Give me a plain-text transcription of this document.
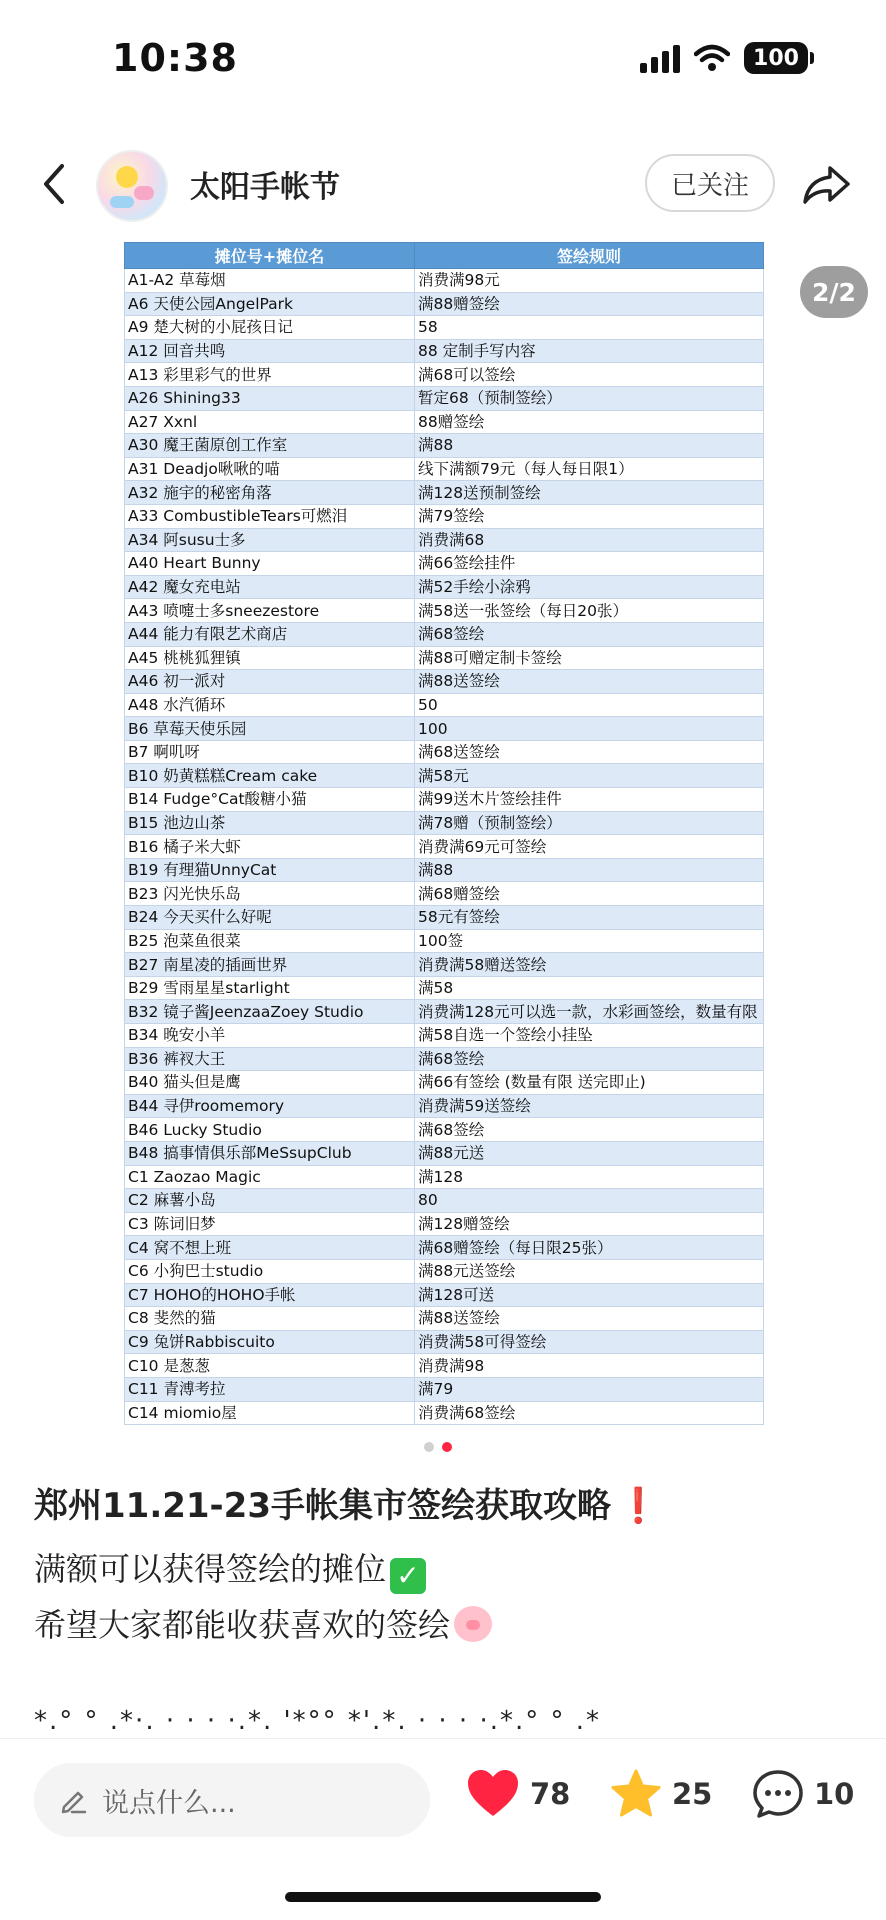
10:38	100
太阳手帐节	已关注
摊位号+摊位名	签绘规则
A1-A2 草莓烟	消费满98元
A6 天使公园AngelPark	满88赠签绘
A9 楚大树的小屁孩日记	58
A12 回音共鸣	88 定制手写内容
A13 彩里彩气的世界	满68可以签绘
A26 Shining33	暂定68（预制签绘）
A27 Xxnl	88赠签绘
A30 魔王菌原创工作室	满88
A31 Deadjo啾啾的喵	线下满额79元（每人每日限1）
A32 施宇的秘密角落	满128送预制签绘
A33 CombustibleTears可燃泪	满79签绘
A34 阿susu士多	消费满68
A40 Heart Bunny	满66签绘挂件
A42 魔女充电站	满52手绘小涂鸦
A43 喷嚏士多sneezestore	满58送一张签绘（每日20张）
A44 能力有限艺术商店	满68签绘
A45 桃桃狐狸镇	满88可赠定制卡签绘
A46 初一派对	满88送签绘
A48 水汽循环	50
B6 草莓天使乐园	100
B7 啊叽呀	满68送签绘
B10 奶黄糕糕Cream cake	满58元
B14 Fudge°Cat酸糖小猫	满99送木片签绘挂件
B15 池边山茶	满78赠（预制签绘）
B16 橘子米大虾	消费满69元可签绘
B19 有理猫UnnyCat	满88
B23 闪光快乐岛	满68赠签绘
B24 今天买什么好呢	58元有签绘
B25 泡菜鱼很菜	100签
B27 南星凌的插画世界	消费满58赠送签绘
B29 雪雨星星starlight	满58
B32 镜子酱JeenzaaZoey Studio	消费满128元可以选一款，水彩画签绘，数量有限
B34 晚安小羊	满58自选一个签绘小挂坠
B36 裤衩大王	满68签绘
B40 猫头但是鹰	满66有签绘 (数量有限 送完即止)
B44 寻伊roomemory	消费满59送签绘
B46 Lucky Studio	满68签绘
B48 搞事情俱乐部MeSsupClub	满88元送
C1 Zaozao Magic	满128
C2 麻薯小岛	80
C3 陈词旧梦	满128赠签绘
C4 窝不想上班	满68赠签绘（每日限25张）
C6 小狗巴士studio	满88元送签绘
C7 HOHO的HOHO手帐	满128可送
C8 斐然的猫	满88送签绘
C9 兔饼Rabbiscuito	消费满58可得签绘
C10 是葱葱	消费满98
C11 青溥考拉	满79
C14 miomio屋	消费满68签绘
2/2
郑州11.21-23手帐集市签绘获取攻略 ❗
满额可以获得签绘的摊位 ✓
希望大家都能收获喜欢的签绘
*.° ° .*·. · · · ·.*. '*°° *'.*. · · · ·.*.° ° .*
说点什么...	78	25	10
